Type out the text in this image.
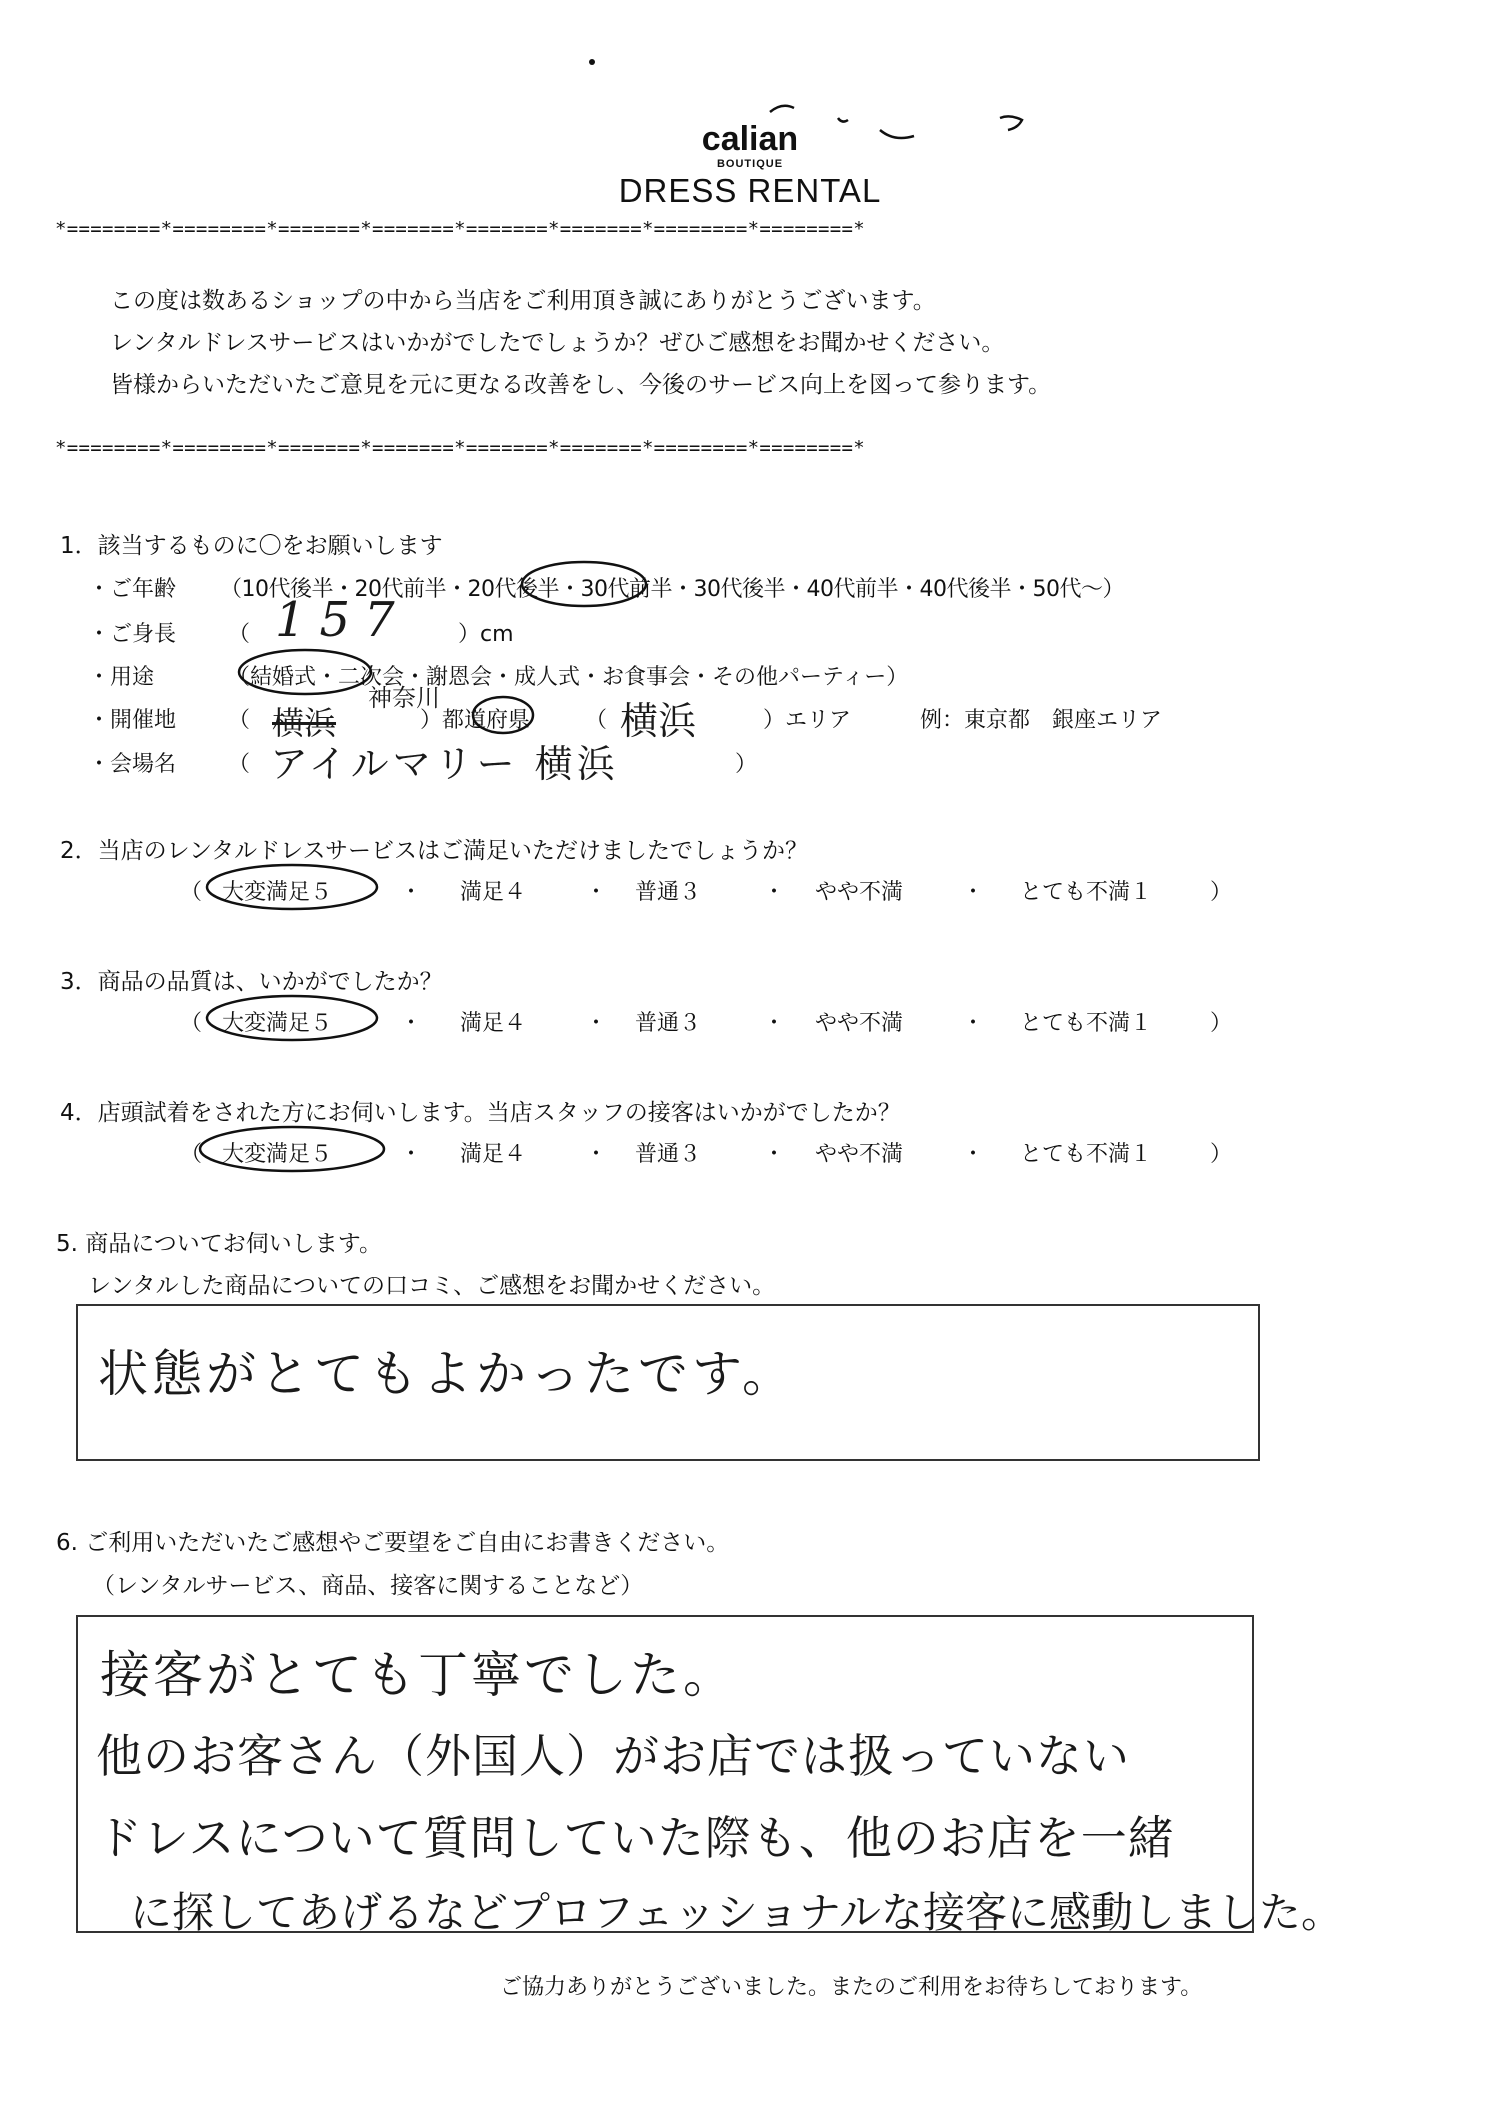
calian
BOUTIQUE
DRESS RENTAL
*========*========*=======*=======*=======*=======*========*========*
この度は数あるショップの中から当店をご利用頂き誠にありがとうございます。
レンタルドレスサービスはいかがでしたでしょうか？ぜひご感想をお聞かせください。
皆様からいただいたご意見を元に更なる改善をし、今後のサービス向上を図って参ります。
*========*========*=======*=======*=======*=======*========*========*
1．該当するものに〇をお願いします
・ご年齢 （10代後半・20代前半・20代後半・30代前半・30代後半・40代前半・40代後半・50代〜）
・ご身長 （ 157 ）cm
・用途	（結婚式・二次会・謝恩会・成人式・お食事会・その他パーティー）
・開催地 （ 横浜
神奈川
）都道府県 （ 横浜	）エリア	例：東京都　銀座エリア
・会場名 （ アイルマリー 横浜	）
2．当店のレンタルドレスサービスはご満足いただけましたでしょうか？
（ 大変満足５	・ 満足４	・ 普通３	・ やや不満	・ とても不満１	）
3．商品の品質は、いかがでしたか？
（ 大変満足５	・ 満足４	・ 普通３	・ やや不満	・ とても不満１	）
4．店頭試着をされた方にお伺いします。当店スタッフの接客はいかがでしたか？
（ 大変満足５	・ 満足４	・ 普通３	・ やや不満	・ とても不満１	）
5. 商品についてお伺いします。
レンタルした商品についての口コミ、ご感想をお聞かせください。
状態がとてもよかったです。
6. ご利用いただいたご感想やご要望をご自由にお書きください。
（レンタルサービス、商品、接客に関することなど）
接客がとても丁寧でした。
他のお客さん（外国人）がお店では扱っていない
ドレスについて質問していた際も、他のお店を一緒
に探してあげるなどプロフェッショナルな接客に感動しました。
ご協力ありがとうございました。またのご利用をお待ちしております。
